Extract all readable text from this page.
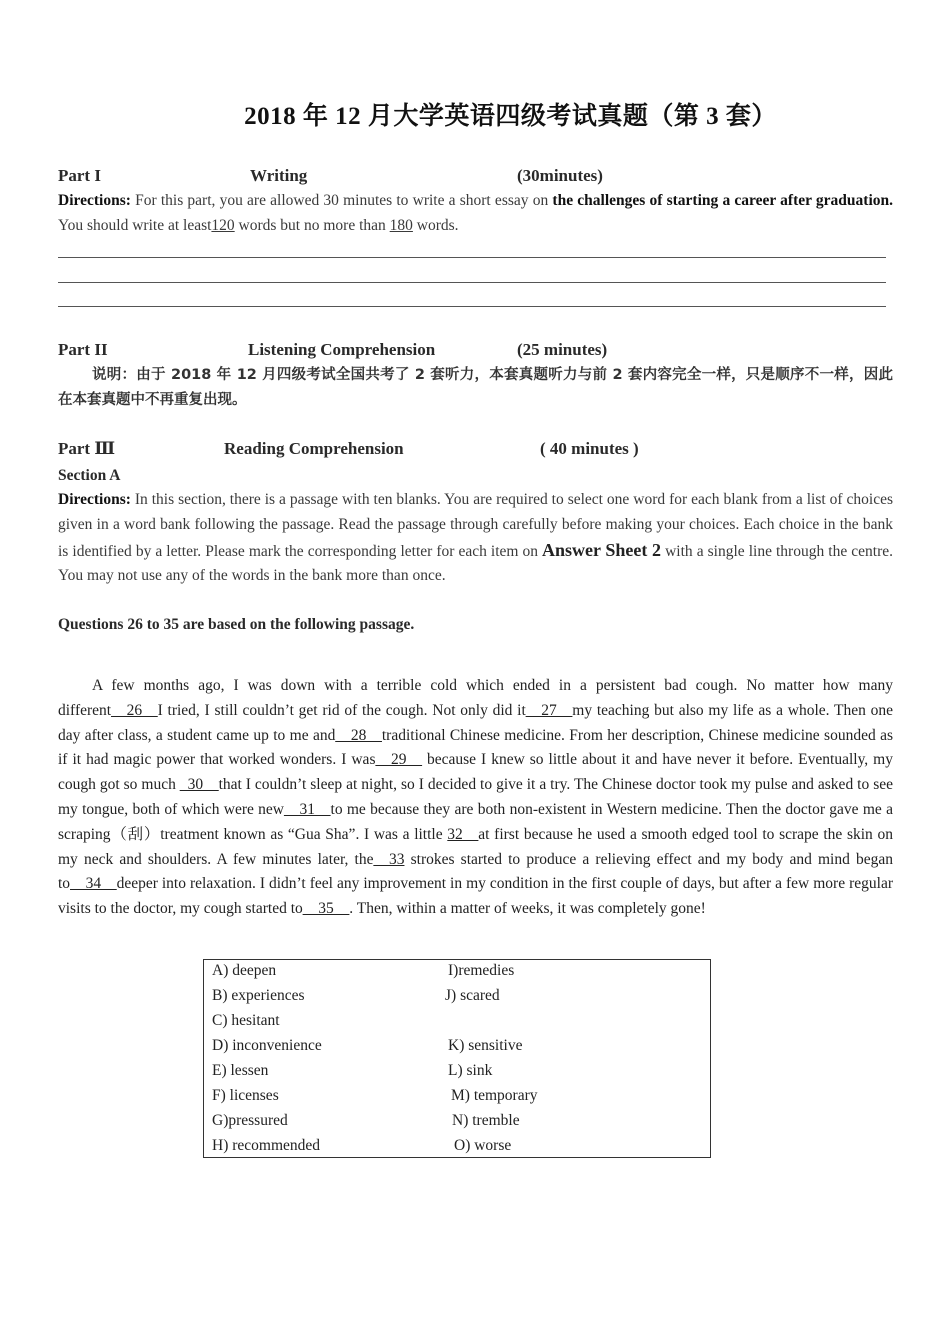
2018 年 12 月大学英语四级考试真题（第 3 套）
Part I	Writing	(30minutes)
Directions: For this part, you are allowed 30 minutes to write a short essay on the challenges of starting a career after graduation. You should write at least120 words but no more than 180 words.
Part II	Listening Comprehension	(25 minutes)
说明：由于 2018 年 12 月四级考试全国共考了 2 套听力，本套真题听力与前 2 套内容完全一样，只是顺序不一样，因此在本套真题中不再重复出现。
Part Ⅲ	Reading Comprehension	( 40 minutes )
Section A
Directions: In this section, there is a passage with ten blanks. You are required to select one word for each blank from a list of choices given in a word bank following the passage. Read the passage through carefully before making your choices. Each choice in the bank is identified by a letter. Please mark the corresponding letter for each item on Answer Sheet 2 with a single line through the centre. You may not use any of the words in the bank more than once.
Questions 26 to 35 are based on the following passage.
A few months ago, I was down with a terrible cold which ended in a persistent bad cough. No matter how many different__26__I tried, I still couldn’t get rid of the cough. Not only did it__27__my teaching but also my life as a whole. Then one day after class, a student came up to me and__28__traditional Chinese medicine. From her description, Chinese medicine sounded as if it had magic power that worked wonders. I was__29__ because I knew so little about it and have never it before. Eventually, my cough got so much _30__that I couldn’t sleep at night, so I decided to give it a try. The Chinese doctor took my pulse and asked to see my tongue, both of which were new__31__to me because they are both non-existent in Western medicine. Then the doctor gave me a scraping（刮）treatment known as “Gua Sha”. I was a little 32__at first because he used a smooth edged tool to scrape the skin on my neck and shoulders. A few minutes later, the__33 strokes started to produce a relieving effect and my body and mind began to__34__deeper into relaxation. I didn’t feel any improvement in my condition in the first couple of days, but after a few more regular visits to the doctor, my cough started to__35__. Then, within a matter of weeks, it was completely gone!
A) deepen	I)remedies
B) experiences	J) scared
C) hesitant
D) inconvenience	K) sensitive
E) lessen	L) sink
F) licenses	M) temporary
G)pressured	N) tremble
H) recommended	O) worse
